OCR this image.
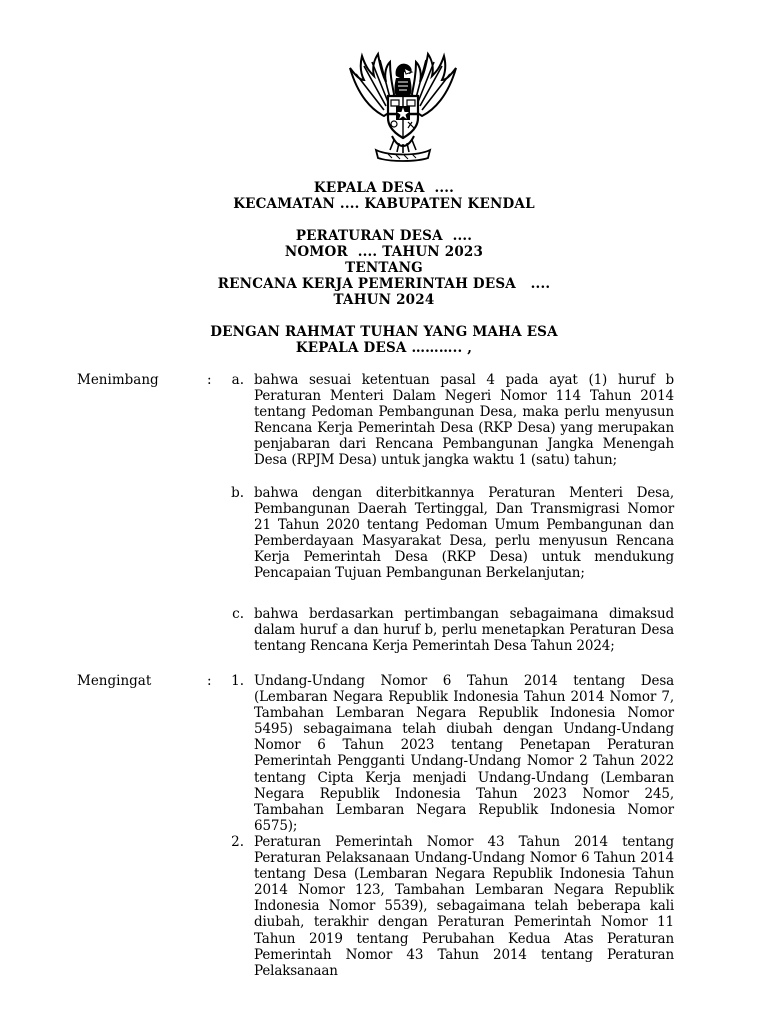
KEPALA DESA  ....
KECAMATAN .... KABUPATEN KENDAL
PERATURAN DESA  ....
NOMOR  .... TAHUN 2023
TENTANG
RENCANA KERJA PEMERINTAH DESA   ....
TAHUN 2024
DENGAN RAHMAT TUHAN YANG MAHA ESA
KEPALA DESA ……….. ,
Menimbang	:	a. bahwa sesuai ketentuan pasal 4 pada ayat (1) huruf b Peraturan Menteri Dalam Negeri Nomor 114 Tahun 2014 tentang Pedoman Pembangunan Desa, maka perlu menyusun Rencana Kerja Pemerintah Desa (RKP Desa) yang merupakan penjabaran dari Rencana Pembangunan Jangka Menengah Desa (RPJM Desa) untuk jangka waktu 1 (satu) tahun;
b. bahwa dengan diterbitkannya Peraturan Menteri Desa, Pembangunan Daerah Tertinggal, Dan Transmigrasi Nomor 21 Tahun 2020 tentang Pedoman Umum Pembangunan dan Pemberdayaan Masyarakat Desa, perlu menyusun Rencana Kerja Pemerintah Desa (RKP Desa) untuk mendukung Pencapaian Tujuan Pembangunan Berkelanjutan;
c. bahwa berdasarkan pertimbangan sebagaimana dimaksud dalam huruf a dan huruf b, perlu menetapkan Peraturan Desa tentang Rencana Kerja Pemerintah Desa Tahun 2024;
Mengingat	:	1. Undang-Undang Nomor 6 Tahun 2014 tentang Desa (Lembaran Negara Republik Indonesia Tahun 2014 Nomor 7, Tambahan Lembaran Negara Republik Indonesia Nomor 5495) sebagaimana telah diubah dengan Undang-Undang Nomor 6 Tahun 2023 tentang Penetapan Peraturan Pemerintah Pengganti Undang-Undang Nomor 2 Tahun 2022 tentang Cipta Kerja menjadi Undang-Undang (Lembaran Negara Republik Indonesia Tahun 2023 Nomor 245, Tambahan Lembaran Negara Republik Indonesia Nomor 6575);
2. Peraturan Pemerintah Nomor 43 Tahun 2014 tentang Peraturan Pelaksanaan Undang-Undang Nomor 6 Tahun 2014 tentang Desa (Lembaran Negara Republik Indonesia Tahun 2014 Nomor 123, Tambahan Lembaran Negara Republik Indonesia Nomor 5539), sebagaimana telah beberapa kali diubah, terakhir dengan Peraturan Pemerintah Nomor 11 Tahun 2019 tentang Perubahan Kedua Atas Peraturan Pemerintah Nomor 43 Tahun 2014 tentang Peraturan Pelaksanaan
